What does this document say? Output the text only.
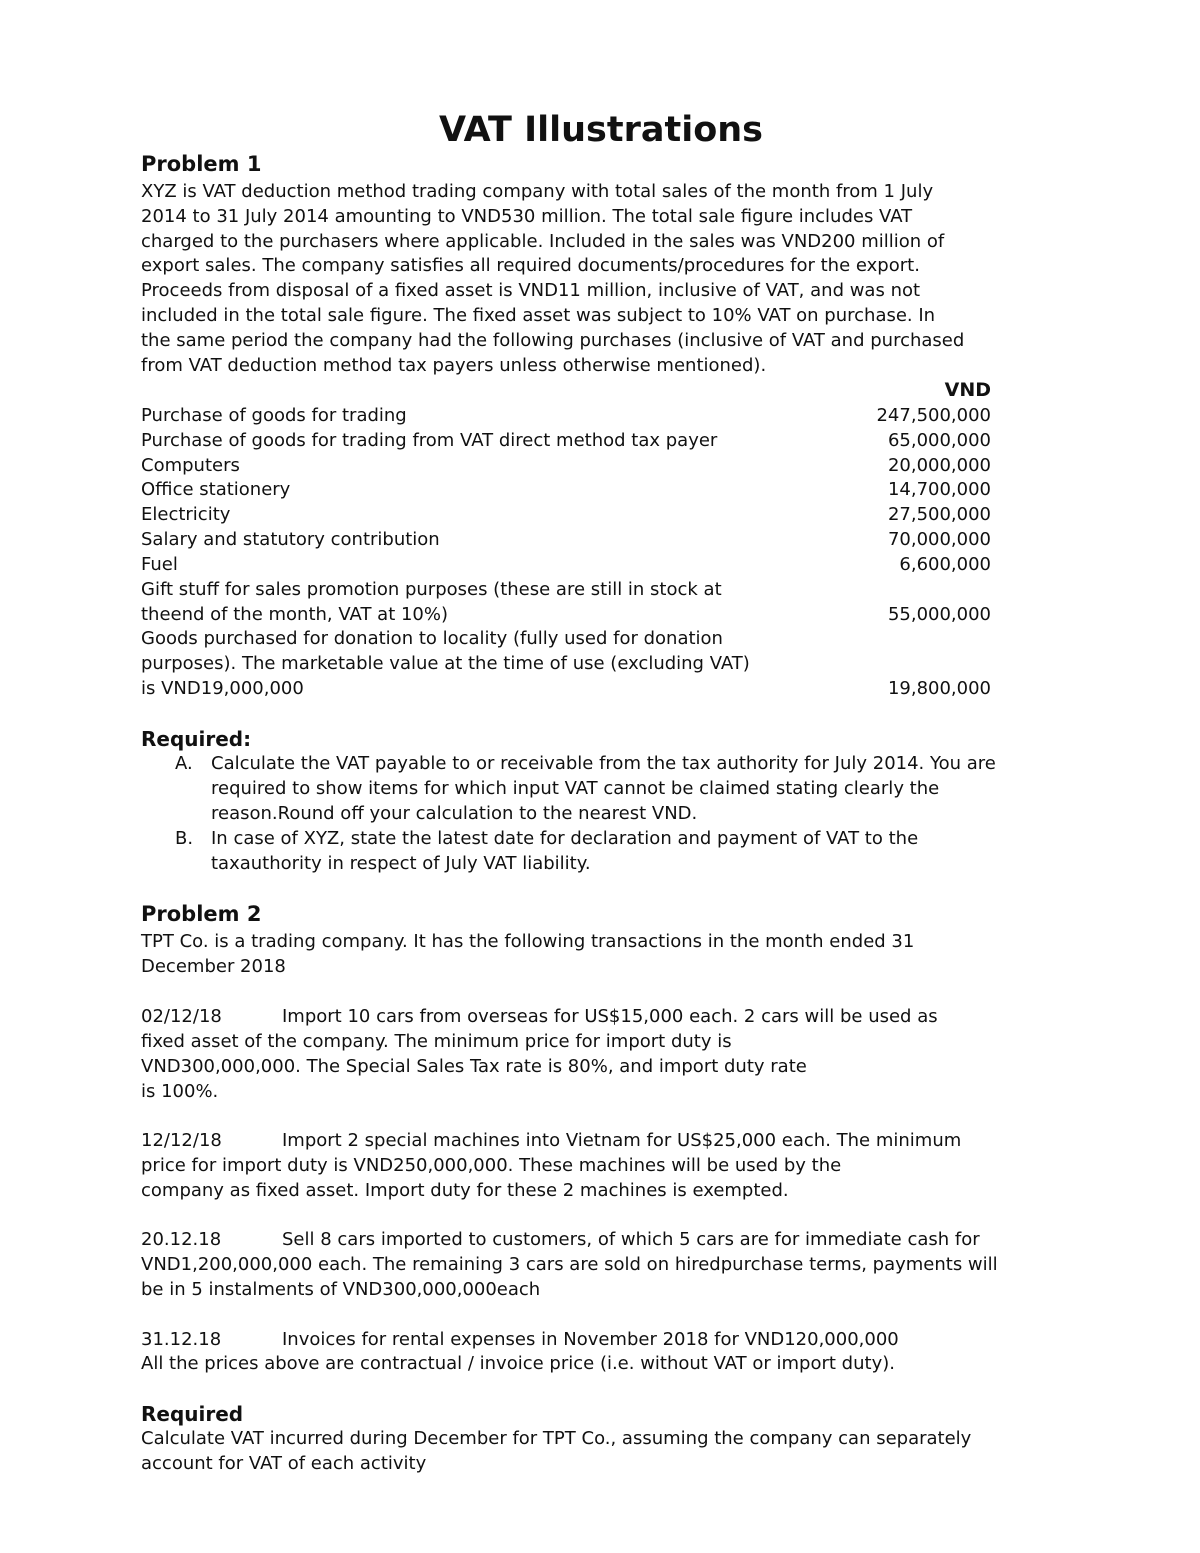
VAT Illustrations
Problem 1
XYZ is VAT deduction method trading company with total sales of the month from 1 July
2014 to 31 July 2014 amounting to VND530 million. The total sale figure includes VAT
charged to the purchasers where applicable. Included in the sales was VND200 million of
export sales. The company satisfies all required documents/procedures for the export.
Proceeds from disposal of a fixed asset is VND11 million, inclusive of VAT, and was not
included in the total sale figure. The fixed asset was subject to 10% VAT on purchase. In
the same period the company had the following purchases (inclusive of VAT and purchased
from VAT deduction method tax payers unless otherwise mentioned).
VND
Purchase of goods for trading	247,500,000
Purchase of goods for trading from VAT direct method tax payer	65,000,000
Computers	20,000,000
Office stationery	14,700,000
Electricity	27,500,000
Salary and statutory contribution	70,000,000
Fuel	6,600,000
Gift stuff for sales promotion purposes (these are still in stock at
theend of the month, VAT at 10%)	55,000,000
Goods purchased for donation to locality (fully used for donation
purposes). The marketable value at the time of use (excluding VAT)
is VND19,000,000	19,800,000
Required:
A. Calculate the VAT payable to or receivable from the tax authority for July 2014. You are
required to show items for which input VAT cannot be claimed stating clearly the
reason.Round off your calculation to the nearest VND.
B. In case of XYZ, state the latest date for declaration and payment of VAT to the
taxauthority in respect of July VAT liability.
Problem 2
TPT Co. is a trading company. It has the following transactions in the month ended 31
December 2018
02/12/18	Import 10 cars from overseas for US$15,000 each. 2 cars will be used as
fixed asset of the company. The minimum price for import duty is
VND300,000,000. The Special Sales Tax rate is 80%, and import duty rate
is 100%.
12/12/18	Import 2 special machines into Vietnam for US$25,000 each. The minimum
price for import duty is VND250,000,000. These machines will be used by the
company as fixed asset. Import duty for these 2 machines is exempted.
20.12.18	Sell 8 cars imported to customers, of which 5 cars are for immediate cash for
VND1,200,000,000 each. The remaining 3 cars are sold on hiredpurchase terms, payments will
be in 5 instalments of VND300,000,000each
31.12.18	Invoices for rental expenses in November 2018 for VND120,000,000
All the prices above are contractual / invoice price (i.e. without VAT or import duty).
Required
Calculate VAT incurred during December for TPT Co., assuming the company can separately
account for VAT of each activity
